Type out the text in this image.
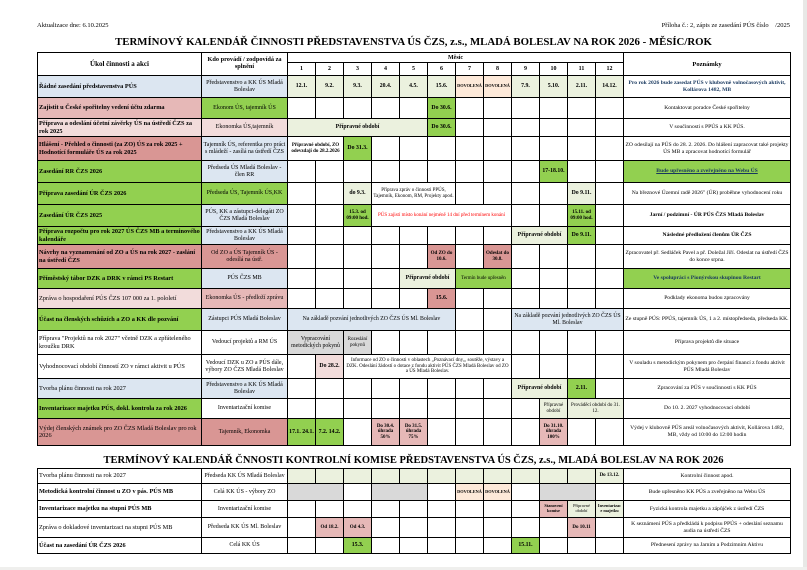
Aktualizace dne: 6.10.2025	Příloha č.: 2, zápis ze zasedání PÚS číslo    /2025
TERMÍNOVÝ KALENDÁŘ ČINNOSTI PŘEDSTAVENSTVA ÚS ČZS, z.s., MLADÁ BOLESLAV NA ROK 2026 - MĚSÍC/ROK
Úkol činnosti a akci	Kdo provádí / zodpovídá za splnění	Měsíc												Poznámky
		1	2	3	4	5	6	7	8	9	10	11	12	
Řádné zasedání představenstva PÚS	Představenstvo a KK ÚS Mladá Boleslav	12.1.	9.2.	9.3.	20.4.	4.5.	15.6.	DOVOLENÁ	DOVOLENÁ	7.9.	5.10.	2.11.	14.12.	Pro rok 2026 bude zasedat PÚS v klubovně volnočasových aktivit, Kollárova 1482, MB
Zajistit u České spořitelny vedení účtu zdarma	Ekonom ÚS, tajemník ÚS						Do 30.6.							Kontaktovat poradce České spořitelny
Příprava a odeslání účetní závěrky ÚS na ústředí ČZS za rok 2025	Ekonomka ÚS,tajemník	Přípravné období					Do 30.6.							V součinnosti s PPÚS a KK PÚS.
Hlášení - Přehled o činnosti (za ZO) ÚS za rok 2025 + Hodnotící formuláře ÚS za rok 2025	Tajemník ÚS, referentka pro práci s mládeží - zasílá na ústředí ČZS	Přípravné období, ZO odevzdají do 28.2.2026		Do 31.3.										ZO odesílají na PÚS do 28. 2. 2026. Do hlášení zapracovat také projekty ÚS MB a zpracovat hodnotící formulář
Zasedání RR ČZS 2026	Předseda ÚS Mladá Boleslav - člen RR										17-18.10.			Bude upřesněno a zveřejněno na Webu ÚS
Příprava zasedání ÚR ČZS 2026	Předseda ÚS, Tajemník ÚS,KK			do 9.3.	Příprava zpráv o činnosti PPÚS, Tajemník, Ekonom, RM, Projekty apod.							Do 9.11.		Na březnové Územní radě 2026" (ÚR) proběhne vyhodnocení roku
Zasedání ÚR ČZS 2025	PÚS, KK a zástupci-delegáti ZO ČZS Mladá Boleslav			15.3. od 09:00 hod.	PÚS zajistí místo konání nejméně 14 dní před termínem konání							15.11. od 09:00 hod.		Jarní / podzimní - ÚR PÚS ČZS Mladá Boleslav
Příprava rozpočtu pro rok 2027 ÚS ČZS MB a terminového kalendáře	Představenstvo a KK ÚS Mladá Boleslav									Přípravné období		Do 9.11.		Následné předložení členům ÚR ČZS
Návrhy na vyznamenání od ZO a ÚS na rok 2027 - zaslání na ústředí ČZS	Od ZO a ÚS Tajemník ÚS - odesílá na ústř.						Od ZO do 10.6.		Odeslat do 30.8.					Zpracovatel př. Sedláček Pavel a př. Doležal Jiří. Odeslat na ústředí ČZS do konce srpna.
Příměstský tábor DZK a DRK v rámci PS Restart	PÚS ČZS MB					Přípravné období		Termín bude upřesněn						Ve spolupráci s Pionýrskou skupinou Restart
Zpráva o hospodaření PÚS ČZS 107 000 za 1. pololetí	Ekonomka ÚS - předloží zprávu						15.6.							Podklady ekonoma budou zpracovány
Účast na členských schůzích a ZO a KK dle pozvání	Zástupci PÚS Mladá Boleslav	Na základě pozvání jednotlivých ZO ČZS ÚS Ml. Boleslav								Na základě pozvání jednotlivých ZO ČZS ÚS Ml. Boleslav				Ze stupně PÚS: PPÚS, tajemník ÚS, 1 a 2. místopředseda, předseda KK.
Příprava "Projektů na rok 2027" včetně DZK a zpřáteleného kroužku DRK	Vedoucí projektů a RM ÚS	Vypracování metodických pokynů		Rozeslání pokynů										Příprava projektů dle situace
Vyhodnocovací období činností ZO v rámci aktivit u PÚS	Vedoucí DZK u ZO a PÚS dále, výbory ZO ČZS Mladá Boleslav		Do 28.2.	Informace od ZO o činnosti v oblastech „Poznávací dny,„ soutěže, výstavy a DZK. Odeslání žádostí o dotace z fondu aktivit PÚS ČZS Mladá Boleslav od ZO a ÚS Mladá Boleslav.										V souladu s metodickým pokynem pro čerpání financí z fondu aktivit PÚS Mladá Boleslav
Tvorba plánu činnosti na rok 2027	Představenstvo a KK ÚS Mladá Boleslav									Přípravné období		2.11.		Zpracování za PÚS v součinnosti s KK PÚS
Inventarizace majetku PÚS, dokl. kontrola za rok 2026	Inventarizační komise										Přípravné období	Prováděcí období do 31. 12.		Do 10. 2. 2027 vyhodnocovací období
Výdej členských známek pro ZO ČZS Mladá Boleslav pro rok 2026	Tajemník, Ekonomka	17.1. 24.1.	7.2. 14.2.		Do 30.4. úhrada 50%	Do 31.5. úhrada 75%					Do 31.10. úhrada 100%			Výdej v klubovně PÚS areál volnočasových aktivit, Kollárova 1482, MB, vždy od 10:00 do 12:00 hodin
TERMÍNOVÝ KALENDÁŘ ČNNOSTI KONTROLNÍ KOMISE PŘEDSTAVENSTVA ÚS ČZS, z.s., MLADÁ BOLESLAV NA ROK 2026
Tvorba plánu činnosti na rok 2027	Předseda KK ÚS Mladá Boleslav												Do 13.12.	Kontrolní činnost apod.
Metodická kontrolní činnost u ZO v pás. PÚS MB	Celá KK ÚS - výbory ZO							DOVOLENÁ	DOVOLENÁ					Bude upřesněno KK PÚS a zveřejněno na Webu ÚS
Inventarizace majetku na stupni PÚS MB	Inventarizační komise										Stanovení komise	Přípravné období	Inventarizace majetku	Fyzická kontrola majetku a zápůjček z ústředí ČZS
Zpráva o dokladové inventarizaci na stupni PÚS MB	Předseda KK ÚS Ml. Boleslav		Od 18.2.	Od 4.3.								Do 10.11		K seznámení PÚS a předkládá k podpisu PPÚS + odeslání seznamu audia na ústředí ČZS
Účast na zasedání ÚR ČZS 2026	Celá KK ÚS			15.3.						15.11.				Přednesení zprávy na Jarním a Podzimním Aktivu
